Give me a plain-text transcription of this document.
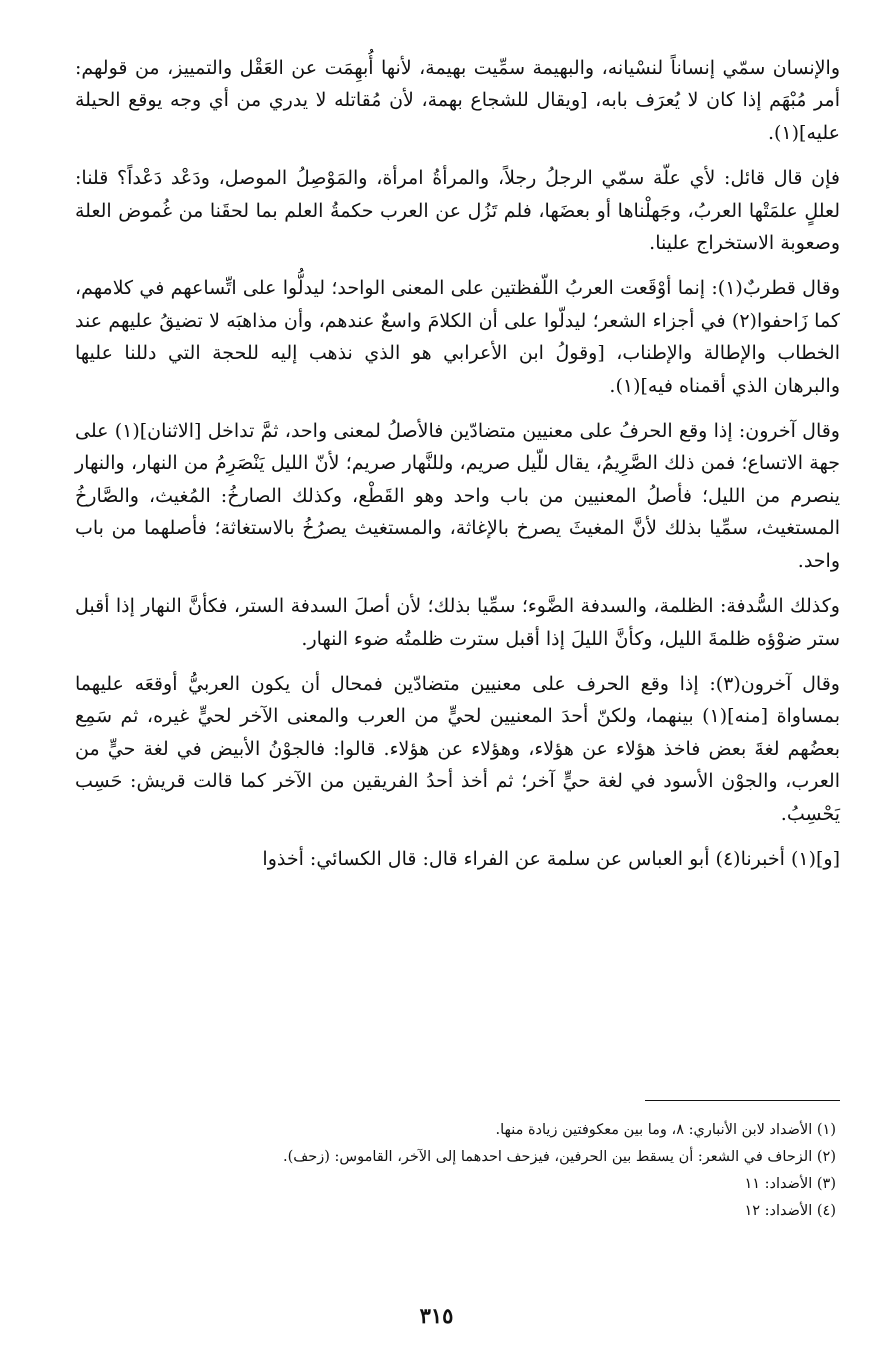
والإنسان سمّي إنساناً لنسْيانه، والبهيمة سمِّيت بهيمة، لأنها أُبهِمَت عن العَقْل والتمييز، من قولهم: أمر مُبْهَم إذا كان لا يُعرَف بابه، [ويقال للشجاع بهمة، لأن مُقاتله لا يدري من أي وجه يوقع الحيلة عليه](١).

فإن قال قائل: لأي علّة سمّي الرجلُ رجلاً، والمرأةُ امرأة، والمَوْصِلُ الموصل، ودَعْد دَعْداً؟ قلنا: لعللٍ علمَتْها العربُ، وجَهلْناها أو بعضَها، فلم تَزُل عن العرب حكمةُ العلم بما لحقَنا من غُموض العلة وصعوبة الاستخراج علينا.

وقال قطربٌ(١): إنما أوْقَعت العربُ اللّفظتين على المعنى الواحد؛ ليدلُّوا على اتِّساعهم في كلامهم، كما زَاحفوا(٢) في أجزاء الشعر؛ ليدلّوا على أن الكلامَ واسعٌ عندهم، وأن مذاهبَه لا تضيقُ عليهم عند الخطاب والإطالة والإطناب، [وقولُ ابن الأعرابي هو الذي نذهب إليه للحجة التي دللنا عليها والبرهان الذي أقمناه فيه](١).

وقال آخرون: إذا وقع الحرفُ على معنيين متضادّين فالأصلُ لمعنى واحد، ثمَّ تداخل [الاثنان](١) على جهة الاتساع؛ فمن ذلك الصَّرِيمُ، يقال للّيل صريم، وللنَّهار صريم؛ لأنّ الليل يَنْصَرِمُ من النهار، والنهار ينصرم من الليل؛ فأصلُ المعنيين من باب واحد وهو القَطْع، وكذلك الصارخُ: المُغيث، والصَّارخُ المستغيث، سمِّيا بذلك لأنَّ المغيثَ يصرخ بالإغاثة، والمستغيث يصرُخُ بالاستغاثة؛ فأصلهما من باب واحد.

وكذلك السُّدفة: الظلمة، والسدفة الضَّوء؛ سمِّيا بذلك؛ لأن أصلَ السدفة الستر، فكأنَّ النهار إذا أقبل ستر ضوْؤه ظلمةَ الليل، وكأنَّ الليلَ إذا أقبل سترت ظلمتُه ضوء النهار.

وقال آخرون(٣): إذا وقع الحرف على معنيين متضادّين فمحال أن يكون العربيُّ أوقعَه عليهما بمساواة [منه](١) بينهما، ولكنّ أحدَ المعنيين لحيٍّ من العرب والمعنى الآخر لحيٍّ غيره، ثم سَمِع بعضُهم لغةَ بعض فاخذ هؤلاء عن هؤلاء، وهؤلاء عن هؤلاء. قالوا: فالجوْنُ الأبيض في لغة حيٍّ من العرب، والجوْن الأسود في لغة حيٍّ آخر؛ ثم أخذ أحدُ الفريقين من الآخر كما قالت قريش: حَسِب يَحْسِبُ.

[و](١) أخبرنا(٤) أبو العباس عن سلمة عن الفراء قال: قال الكسائي: أخذوا

(١) الأضداد لابن الأنباري: ٨، وما بين معكوفتين زيادة منها.
(٢) الزحاف في الشعر: أن يسقط بين الحرفين، فيزحف احدهما إلى الآخر، القاموس: (زحف).
(٣) الأضداد: ١١
(٤) الأضداد: ١٢
٣١٥
